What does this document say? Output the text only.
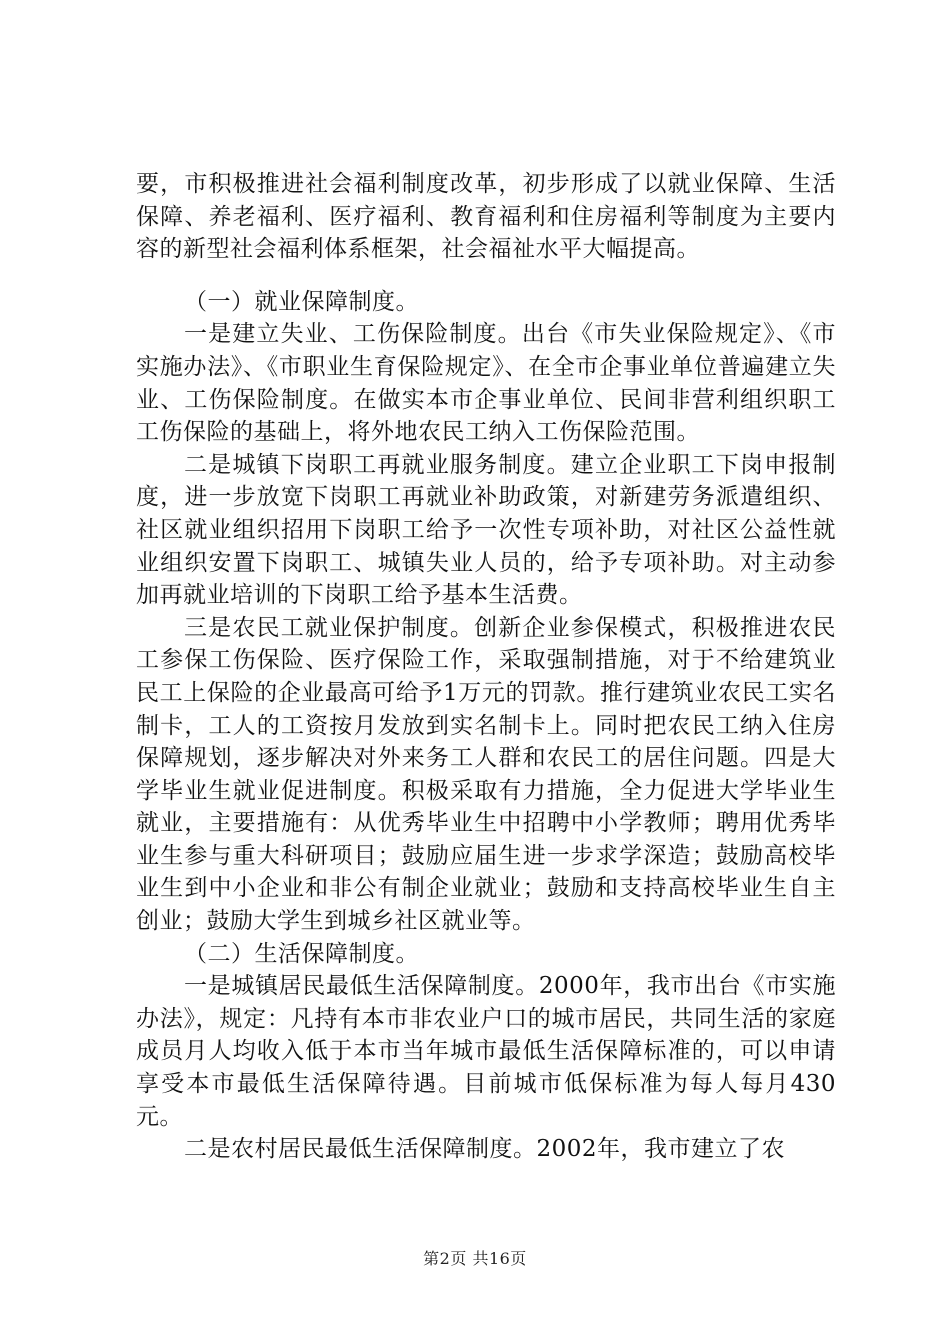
要，市积极推进社会福利制度改革，初步形成了以就业保障、生活保障、养老福利、医疗福利、教育福利和住房福利等制度为主要内容的新型社会福利体系框架，社会福祉水平大幅提高。

（一）就业保障制度。

一是建立失业、工伤保险制度。出台《市失业保险规定》、《市实施办法》、《市职业生育保险规定》、在全市企事业单位普遍建立失业、工伤保险制度。在做实本市企事业单位、民间非营利组织职工工伤保险的基础上，将外地农民工纳入工伤保险范围。

二是城镇下岗职工再就业服务制度。建立企业职工下岗申报制度，进一步放宽下岗职工再就业补助政策，对新建劳务派遣组织、社区就业组织招用下岗职工给予一次性专项补助，对社区公益性就业组织安置下岗职工、城镇失业人员的，给予专项补助。对主动参加再就业培训的下岗职工给予基本生活费。

三是农民工就业保护制度。创新企业参保模式，积极推进农民工参保工伤保险、医疗保险工作，采取强制措施，对于不给建筑业民工上保险的企业最高可给予1万元的罚款。推行建筑业农民工实名制卡，工人的工资按月发放到实名制卡上。同时把农民工纳入住房保障规划，逐步解决对外来务工人群和农民工的居住问题。四是大学毕业生就业促进制度。积极采取有力措施，全力促进大学毕业生就业，主要措施有：从优秀毕业生中招聘中小学教师；聘用优秀毕业生参与重大科研项目；鼓励应届生进一步求学深造；鼓励高校毕业生到中小企业和非公有制企业就业；鼓励和支持高校毕业生自主创业；鼓励大学生到城乡社区就业等。

（二）生活保障制度。

一是城镇居民最低生活保障制度。2000年，我市出台《市实施办法》，规定：凡持有本市非农业户口的城市居民，共同生活的家庭成员月人均收入低于本市当年城市最低生活保障标准的，可以申请享受本市最低生活保障待遇。目前城市低保标准为每人每月430元。

二是农村居民最低生活保障制度。2002年，我市建立了农

第2页 共16页
